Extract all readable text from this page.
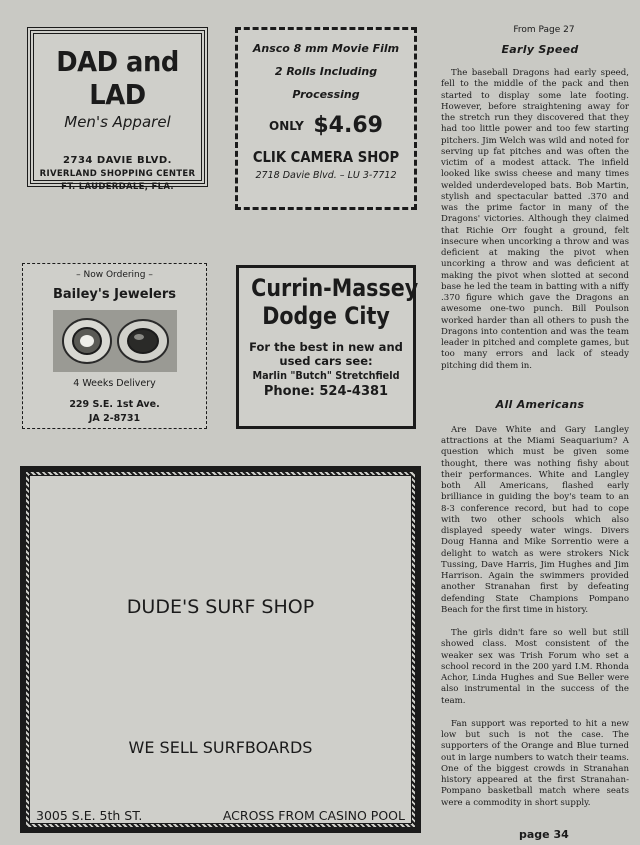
DAD and LAD
Men's Apparel
2734 DAVIE BLVD.
RIVERLAND SHOPPING CENTER
FT. LAUDERDALE, FLA.
Ansco 8 mm Movie Film
2 Rolls Including
Processing
ONLY $4.69
CLIK CAMERA SHOP
2718 Davie Blvd. – LU 3-7712
– Now Ordering –
Bailey's Jewelers
4 Weeks Delivery
229 S.E. 1st Ave.
JA 2-8731
Currin-Massey
Dodge City
For the best in new and
used cars see:
Marlin "Butch" Stretchfield
Phone: 524-4381
DUDE'S SURF SHOP
WE SELL SURFBOARDS
3005 S.E. 5th ST.	ACROSS FROM CASINO POOL
From Page 27
Early Speed

The baseball Dragons had early speed, fell to the middle of the pack and then started to display some late footing. However, before straightening away for the stretch run they discovered that they had too little power and too few starting pitchers. Jim Welch was wild and noted for serving up fat pitches and was often the victim of a modest attack. The infield looked like swiss cheese and many times welded underdeveloped bats. Bob Martin, stylish and spectacular batted .370 and was the prime factor in many of the Dragons' victories. Although they claimed that Richie Orr fought a ground, felt insecure when uncorking a throw and was deficient at making the pivot when uncorking a throw and was deficient at making the pivot when slotted at second base he led the team in batting with a niffy .370 figure which gave the Dragons an awesome one-two punch. Bill Poulson worked harder than all others to push the Dragons into contention and was the team leader in pitched and complete games, but too many errors and lack of steady pitching did them in.

All Americans

Are Dave White and Gary Langley attractions at the Miami Seaquarium? A question which must be given some thought, there was nothing fishy about their performances. White and Langley both All Americans, flashed early brilliance in guiding the boy's team to an 8-3 conference record, but had to cope with two other schools which also displayed speedy water wings. Divers Doug Hanna and Mike Sorrentio were a delight to watch as were strokers Nick Tussing, Dave Harris, Jim Hughes and Jim Harrison. Again the swimmers provided another Stranahan first by defeating defending State Champions Pompano Beach for the first time in history.

The girls didn't fare so well but still showed class. Most consistent of the weaker sex was Trish Forum who set a school record in the 200 yard I.M. Rhonda Achor, Linda Hughes and Sue Beller were also instrumental in the success of the team.

Fan support was reported to hit a new low but such is not the case. The supporters of the Orange and Blue turned out in large numbers to watch their teams. One of the biggest crowds in Stranahan history appeared at the first Stranahan-Pompano basketball match where seats were a commodity in short supply.

page 34
